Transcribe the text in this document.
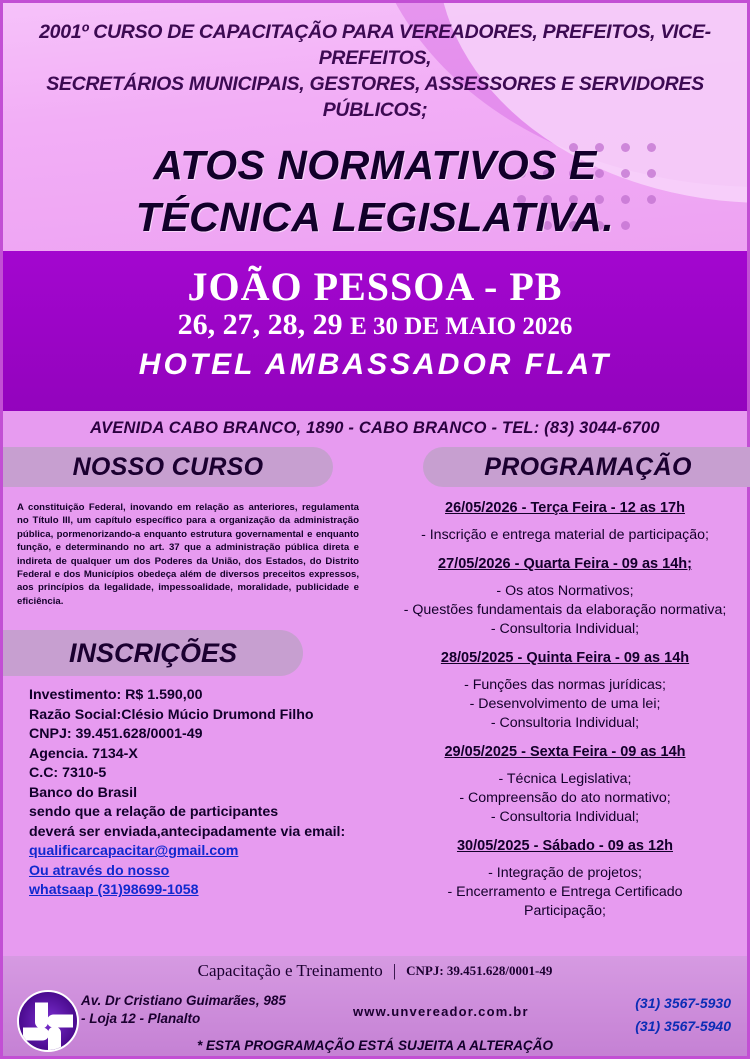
2001º CURSO DE CAPACITAÇÃO PARA VEREADORES, PREFEITOS, VICE-PREFEITOS,
SECRETÁRIOS MUNICIPAIS, GESTORES, ASSESSORES E SERVIDORES PÚBLICOS;
ATOS NORMATIVOS E
TÉCNICA LEGISLATIVA.
JOÃO PESSOA - PB
26, 27, 28, 29 E 30 DE MAIO 2026
HOTEL AMBASSADOR FLAT
AVENIDA CABO BRANCO, 1890 - CABO BRANCO - TEL: (83) 3044-6700
NOSSO CURSO
A constituição Federal, inovando em relação as anteriores, regulamenta no Título III, um capítulo específico para a organização da administração pública, pormenorizando-a enquanto estrutura governamental e enquanto função, e determinando no art. 37 que a administração pública direta e indireta de qualquer um dos Poderes da União, dos Estados, do Distrito Federal e dos Municípios obedeça além de diversos preceitos expressos, aos princípios da legalidade, impessoalidade, moralidade, publicidade e eficiência.
INSCRIÇÕES
Investimento: R$ 1.590,00
Razão Social:Clésio Múcio Drumond Filho
CNPJ: 39.451.628/0001-49
Agencia. 7134-X
C.C: 7310-5
Banco do Brasil
sendo que a relação de participantes
deverá ser enviada,antecipadamente via email:
qualificarcapacitar@gmail.com
Ou através do nosso
whatsaap (31)98699-1058
PROGRAMAÇÃO
26/05/2026 - Terça Feira - 12 as 17h
- Inscrição e entrega material de participação;
27/05/2026 - Quarta Feira - 09 as 14h;
- Os atos Normativos;
- Questões fundamentais da elaboração normativa;
- Consultoria Individual;
28/05/2025 - Quinta Feira - 09 as 14h
- Funções das normas jurídicas;
- Desenvolvimento de uma lei;
- Consultoria Individual;
29/05/2025 - Sexta Feira - 09 as 14h
- Técnica Legislativa;
- Compreensão do ato normativo;
- Consultoria Individual;
30/05/2025 - Sábado - 09 as 12h
- Integração de projetos;
- Encerramento e Entrega Certificado
Participação;
Capacitação e Treinamento | CNPJ: 39.451.628/0001-49
Av. Dr Cristiano Guimarães, 985
- Loja 12 - Planalto	www.unvereador.com.br
(31) 3567-5930
(31) 3567-5940
* ESTA PROGRAMAÇÃO ESTÁ SUJEITA A ALTERAÇÃO
